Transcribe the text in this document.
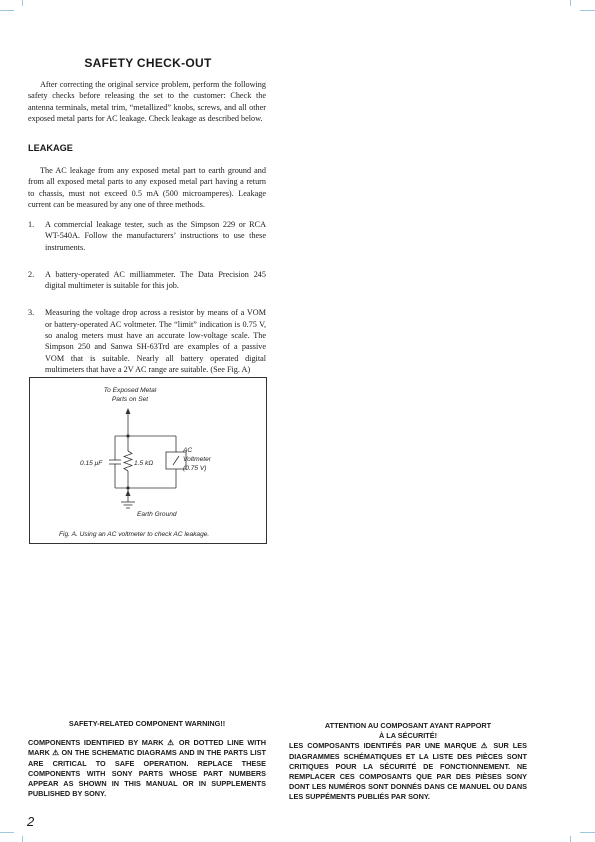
SAFETY CHECK-OUT

After correcting the original service problem, perform the following safety checks before releasing the set to the customer: Check the antenna terminals, metal trim, “metallized” knobs, screws, and all other exposed metal parts for AC leakage. Check leakage as described below.

LEAKAGE

The AC leakage from any exposed metal part to earth ground and from all exposed metal parts to any exposed metal part having a return to chassis, must not exceed 0.5 mA (500 microamperes). Leakage current can be measured by any one of three methods.

1.	A commercial leakage tester, such as the Simpson 229 or RCA WT-540A. Follow the manufacturers’ instructions to use these instruments.
2.	A battery-operated AC milliammeter. The Data Precision 245 digital multimeter is suitable for this job.
3.	Measuring the voltage drop across a resistor by means of a VOM or battery-operated AC voltmeter. The “limit” indication is 0.75 V, so analog meters must have an accurate low-voltage scale. The Simpson 250 and Sanwa SH-63Trd are examples of a passive VOM that is suitable. Nearly all battery operated digital multimeters that have a 2V AC range are suitable. (See Fig. A)
To Exposed Metal
Parts on Set
0.15 μF	1.5 kΩ
AC
Voltmeter
(0.75 V)
Earth Ground
Fig. A. Using an AC voltmeter to check AC leakage.

SAFETY-RELATED COMPONENT WARNING!!

COMPONENTS IDENTIFIED BY MARK ⚠ OR DOTTED LINE WITH MARK ⚠ ON THE SCHEMATIC DIAGRAMS AND IN THE PARTS LIST ARE CRITICAL TO SAFE OPERATION. REPLACE THESE COMPONENTS WITH SONY PARTS WHOSE PART NUMBERS APPEAR AS SHOWN IN THIS MANUAL OR IN SUPPLEMENTS PUBLISHED BY SONY.

ATTENTION AU COMPOSANT AYANT RAPPORT

À LA SÉCURITÉ!

LES COMPOSANTS IDENTIFÉS PAR UNE MARQUE ⚠ SUR LES DIAGRAMMES SCHÉMATIQUES ET LA LISTE DES PIÈCES SONT CRITIQUES POUR LA SÉCURITÉ DE FONCTIONNEMENT. NE REMPLACER CES COMPOSANTS QUE PAR DES PIÈSES SONY DONT LES NUMÉROS SONT DONNÉS DANS CE MANUEL OU DANS LES SUPPÉMENTS PUBLIÉS PAR SONY.

2
